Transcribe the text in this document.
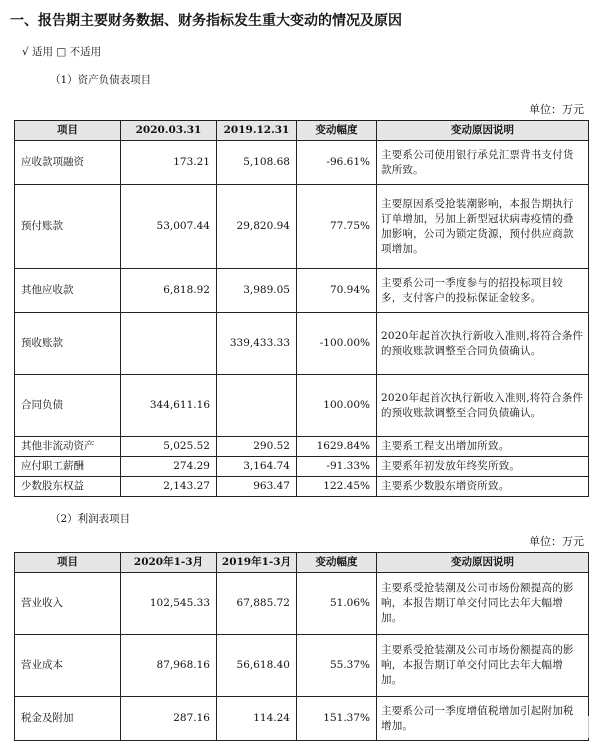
一、报告期主要财务数据、财务指标发生重大变动的情况及原因
√ 适用 □ 不适用
（1）资产负债表项目
单位：万元
项目	2020.03.31	2019.12.31	变动幅度	变动原因说明
应收款项融资	173.21	5,108.68	-96.61%	主要系公司使用银行承兑汇票背书支付货款所致。
预付账款	53,007.44	29,820.94	77.75%	主要原因系受抢装潮影响，本报告期执行订单增加，另加上新型冠状病毒疫情的叠加影响，公司为锁定货源，预付供应商款项增加。
其他应收款	6,818.92	3,989.05	70.94%	主要系公司一季度参与的招投标项目较多，支付客户的投标保证金较多。
预收账款		339,433.33	-100.00%	2020年起首次执行新收入准则,将符合条件的预收账款调整至合同负债确认。
合同负债	344,611.16		100.00%	2020年起首次执行新收入准则,将符合条件的预收账款调整至合同负债确认。
其他非流动资产	5,025.52	290.52	1629.84%	主要系工程支出增加所致。
应付职工薪酬	274.29	3,164.74	-91.33%	主要系年初发放年终奖所致。
少数股东权益	2,143.27	963.47	122.45%	主要系少数股东增资所致。
（2）利润表项目
单位：万元
项目	2020年1-3月	2019年1-3月	变动幅度	变动原因说明
营业收入	102,545.33	67,885.72	51.06%	主要系受抢装潮及公司市场份额提高的影响，本报告期订单交付同比去年大幅增加。
营业成本	87,968.16	56,618.40	55.37%	主要系受抢装潮及公司市场份额提高的影响，本报告期订单交付同比去年大幅增加。
税金及附加	287.16	114.24	151.37%	主要系公司一季度增值税增加引起附加税增加。
